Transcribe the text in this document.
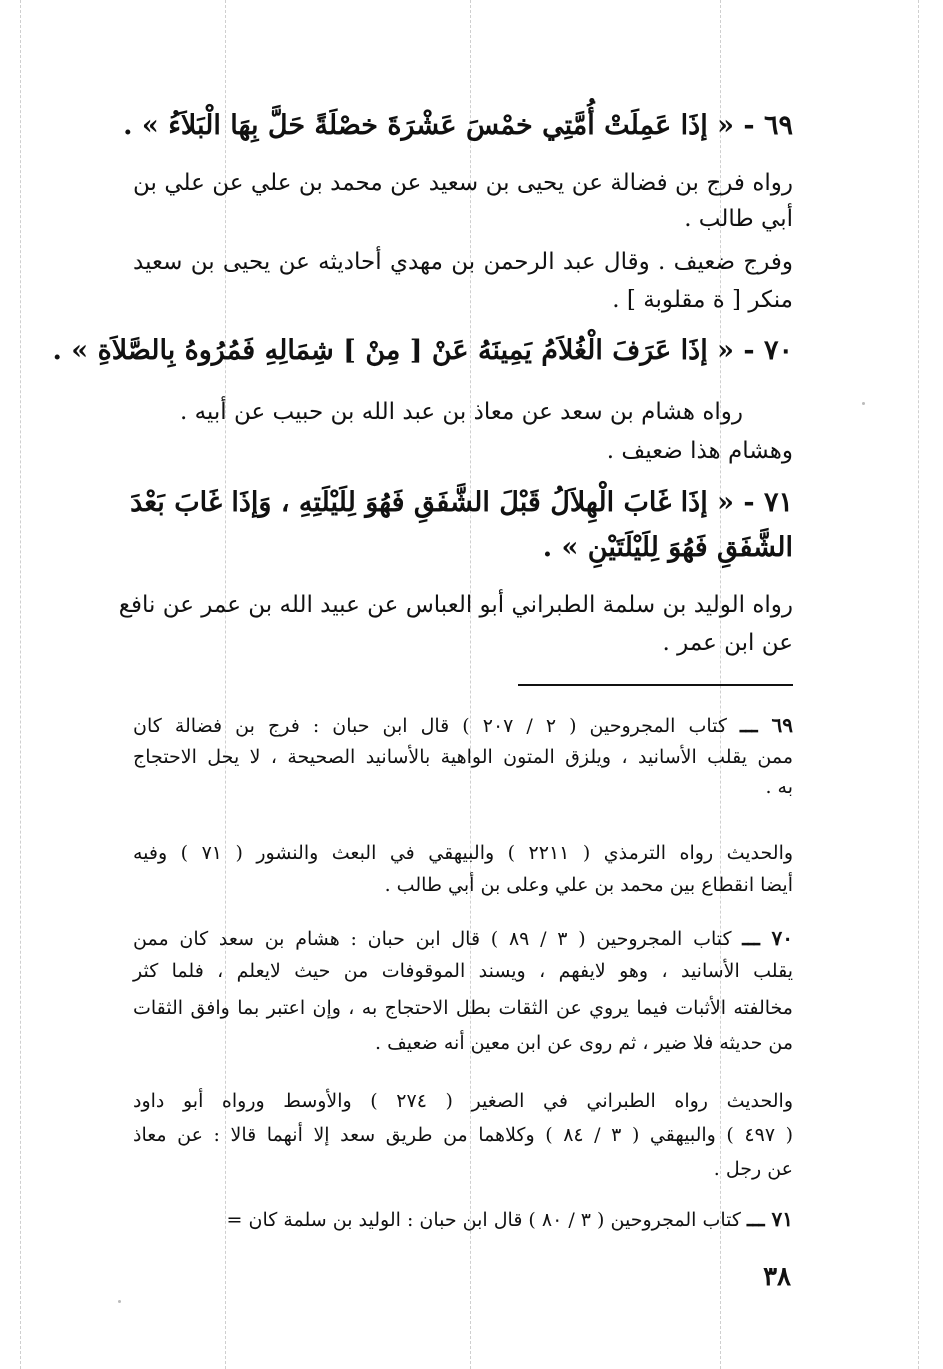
٦٩ - « إذَا عَمِلَتْ أُمَّتِي خمْسَ عَشْرَةَ خصْلَةً حَلَّ بِهَا الْبَلاَءُ » .
رواه فرج بن فضالة عن يحيى بن سعيد عن محمد بن علي عن علي بن
أبي طالب .
وفرج ضعيف . وقال عبد الرحمن بن مهدي أحاديثه عن يحيى بن سعيد
منكر [ ة مقلوبة ] .
٧٠ - « إذَا عَرَفَ الْغُلاَمُ يَمِينَهُ عَنْ [ مِنْ ] شِمَالِهِ فَمُرُوهُ بِالصَّلاَةِ » .
رواه هشام بن سعد عن معاذ بن عبد الله بن حبيب عن أبيه .
وهشام هذا ضعيف .
٧١ - « إذَا غَابَ الْهِلاَلُ قَبْلَ الشَّفَقِ فَهُوَ لِلَيْلَتِهِ ، وَإذَا غَابَ بَعْدَ
الشَّفَقِ فَهُوَ لِلَيْلَتَيْنِ » .
رواه الوليد بن سلمة الطبراني أبو العباس عن عبيد الله بن عمر عن نافع
عن ابن عمر .
٦٩ ـــ كتاب المجروحين ( ٢ / ٢٠٧ ) قال ابن حبان : فرج بن فضالة كان
ممن يقلب الأسانيد ، ويلزق المتون الواهية بالأسانيد الصحيحة ، لا يحل الاحتجاج
به .
والحديث رواه الترمذي ( ٢٢١١ ) والبيهقي في البعث والنشور ( ٧١ ) وفيه
أيضا انقطاع بين محمد بن علي وعلى بن أبي طالب .
٧٠ ـــ كتاب المجروحين ( ٣ / ٨٩ ) قال ابن حبان : هشام بن سعد كان ممن
يقلب الأسانيد ، وهو لايفهم ، ويسند الموقوفات من حيث لايعلم ، فلما كثر
مخالفته الأثبات فيما يروي عن الثقات بطل الاحتجاج به ، وإن اعتبر بما وافق الثقات
من حديثه فلا ضير ، ثم روى عن ابن معين أنه ضعيف .
والحديث رواه الطبراني في الصغير ( ٢٧٤ ) والأوسط ورواه أبو داود
( ٤٩٧ ) والبيهقي ( ٣ / ٨٤ ) وكلاهما من طريق سعد إلا أنهما قالا : عن معاذ
عن رجل .
٧١ ـــ كتاب المجروحين ( ٣ / ٨٠ ) قال ابن حبان : الوليد بن سلمة كان =
٣٨
